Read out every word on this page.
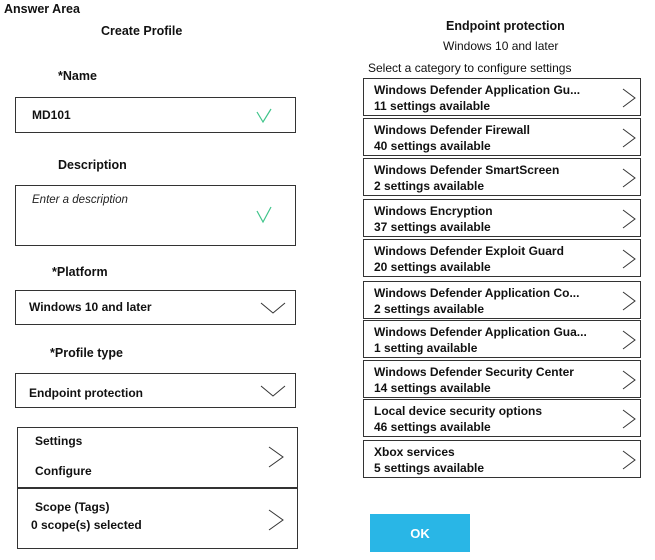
Answer Area
Create Profile
*Name
MD101
Description
Enter a description
*Platform
Windows 10 and later
*Profile type
Endpoint protection
Settings
Configure
Scope (Tags)
0 scope(s) selected
Endpoint protection
Windows 10 and later
Select a category to configure settings
Windows Defender Application Gu...
11 settings available
Windows Defender Firewall
40 settings available
Windows Defender SmartScreen
2 settings available
Windows Encryption
37 settings available
Windows Defender Exploit Guard
20 settings available
Windows Defender Application Co...
2 settings available
Windows Defender Application Gua...
1 setting available
Windows Defender Security Center
14 settings available
Local device security options
46 settings available
Xbox services
5 settings available
OK
